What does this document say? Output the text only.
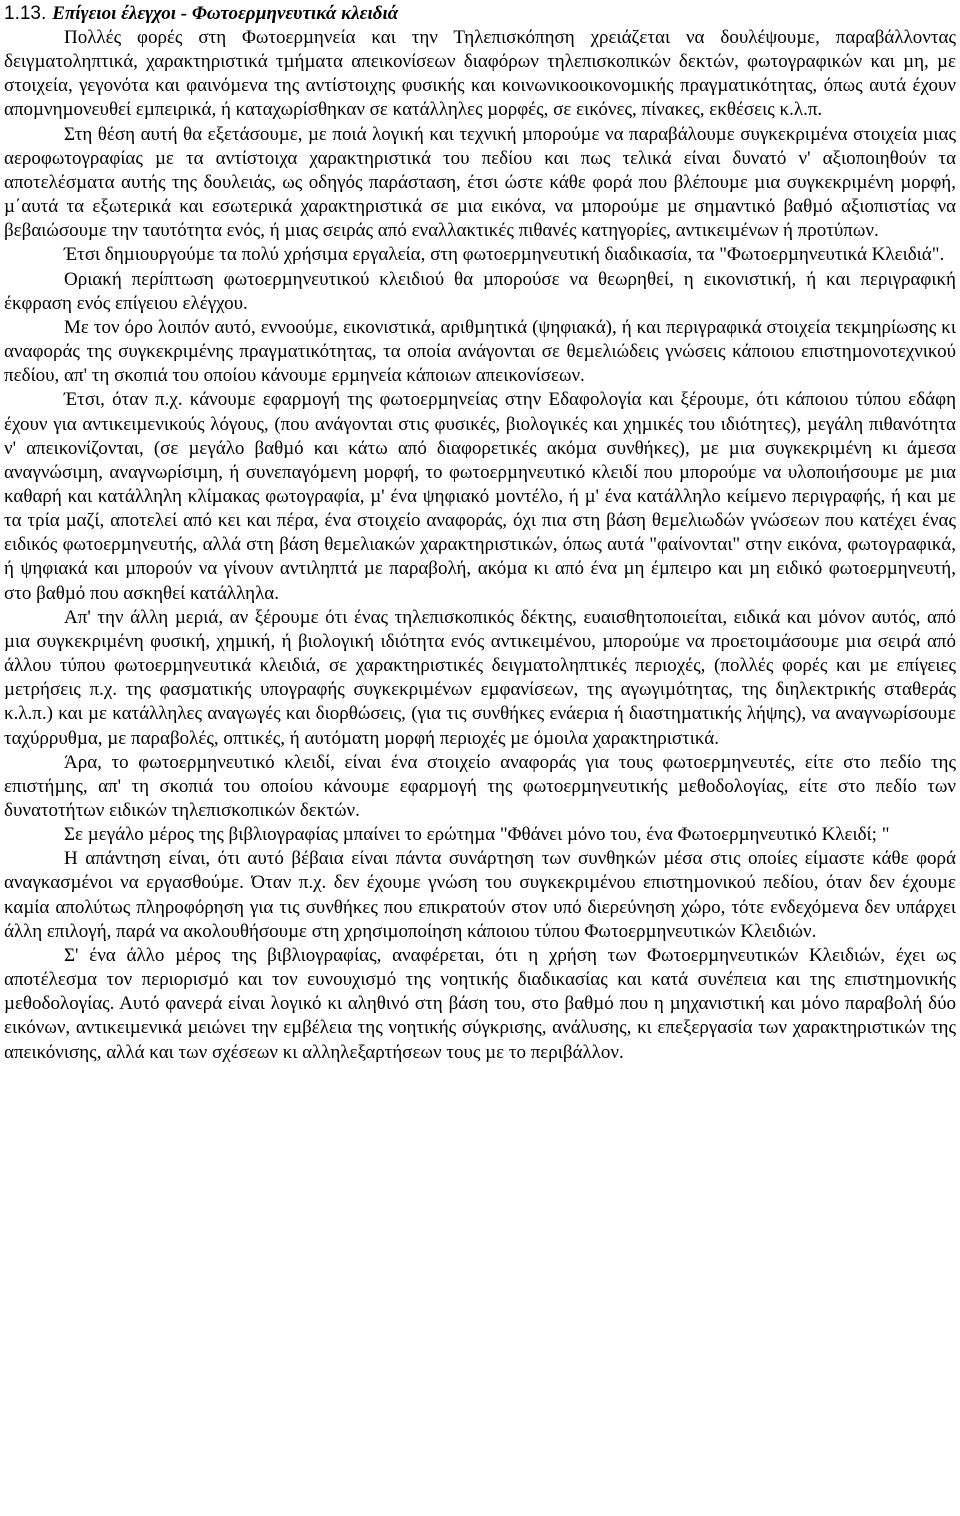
1.13. Επίγειοι έλεγχοι - Φωτοερµηνευτικά κλειδιά

Πολλές φορές στη Φωτοερµηνεία και την Τηλεπισκόπηση χρειάζεται να δουλέψουµε, παραβάλλοντας δειγµατοληπτικά, χαρακτηριστικά τµήµατα απεικονίσεων διαφόρων τηλεπισκοπικών δεκτών, φωτογραφικών και µη, µε στοιχεία, γεγονότα και φαινόµενα της αντίστοιχης φυσικής και κοινωνικοοικονοµικής πραγµατικότητας, όπως αυτά έχουν αποµνηµονευθεί εµπειρικά, ή καταχωρίσθηκαν σε κατάλληλες µορφές, σε εικόνες, πίνακες, εκθέσεις κ.λ.π.

Στη θέση αυτή θα εξετάσουµε, µε ποιά λογική και τεχνική µπορούµε να παραβάλουµε συγκεκριµένα στοιχεία µιας αεροφωτογραφίας µε τα αντίστοιχα χαρακτηριστικά του πεδίου και πως τελικά είναι δυνατό ν' αξιοποιηθούν τα αποτελέσµατα αυτής της δουλειάς, ως οδηγός παράσταση, έτσι ώστε κάθε φορά που βλέπουµε µια συγκεκριµένη µορφή, µ΄αυτά τα εξωτερικά και εσωτερικά χαρακτηριστικά σε µια εικόνα, να µπορούµε µε σηµαντικό βαθµό αξιοπιστίας να βεβαιώσουµε την ταυτότητα ενός, ή µιας σειράς από εναλλακτικές πιθανές κατηγορίες, αντικειµένων ή προτύπων.

Έτσι δηµιουργούµε τα πολύ χρήσιµα εργαλεία, στη φωτοερµηνευτική διαδικασία, τα "Φωτοερµηνευτικά Κλειδιά".

Οριακή περίπτωση φωτοερµηνευτικού κλειδιού θα µπορούσε να θεωρηθεί, η εικονιστική, ή και περιγραφική έκφραση ενός επίγειου ελέγχου.

Με τον όρο λοιπόν αυτό, εννοούµε, εικονιστικά, αριθµητικά (ψηφιακά), ή και περιγραφικά στοιχεία τεκµηρίωσης κι αναφοράς της συγκεκριµένης πραγµατικότητας, τα οποία ανάγονται σε θεµελιώδεις γνώσεις κάποιου επιστηµονοτεχνικού πεδίου, απ' τη σκοπιά του οποίου κάνουµε ερµηνεία κάποιων απεικονίσεων.

Έτσι, όταν π.χ. κάνουµε εφαρµογή της φωτοερµηνείας στην Εδαφολογία και ξέρουµε, ότι κάποιου τύπου εδάφη έχουν για αντικειµενικούς λόγους, (που ανάγονται στις φυσικές, βιολογικές και χηµικές του ιδιότητες), µεγάλη πιθανότητα ν' απεικονίζονται, (σε µεγάλο βαθµό και κάτω από διαφορετικές ακόµα συνθήκες), µε µια συγκεκριµένη κι άµεσα αναγνώσιµη, αναγνωρίσιµη, ή συνεπαγόµενη µορφή, το φωτοερµηνευτικό κλειδί που µπορούµε να υλοποιήσουµε µε µια καθαρή και κατάλληλη κλίµακας φωτογραφία, µ' ένα ψηφιακό µοντέλο, ή µ' ένα κατάλληλο κείµενο περιγραφής, ή και µε τα τρία µαζί, αποτελεί από κει και πέρα, ένα στοιχείο αναφοράς, όχι πια στη βάση θεµελιωδών γνώσεων που κατέχει ένας ειδικός φωτοερµηνευτής, αλλά στη βάση θεµελιακών χαρακτηριστικών, όπως αυτά "φαίνονται" στην εικόνα, φωτογραφικά, ή ψηφιακά και µπορούν να γίνουν αντιληπτά µε παραβολή, ακόµα κι από ένα µη έµπειρο και µη ειδικό φωτοερµηνευτή, στο βαθµό που ασκηθεί κατάλληλα.

Απ' την άλλη µεριά, αν ξέρουµε ότι ένας τηλεπισκοπικός δέκτης, ευαισθητοποιείται, ειδικά και µόνον αυτός, από µια συγκεκριµένη φυσική, χηµική, ή βιολογική ιδιότητα ενός αντικειµένου, µπορούµε να προετοιµάσουµε µια σειρά από άλλου τύπου φωτοερµηνευτικά κλειδιά, σε χαρακτηριστικές δειγµατοληπτικές περιοχές, (πολλές φορές και µε επίγειες µετρήσεις π.χ. της φασµατικής υπογραφής συγκεκριµένων εµφανίσεων, της αγωγιµότητας, της διηλεκτρικής σταθεράς κ.λ.π.) και µε κατάλληλες αναγωγές και διορθώσεις, (για τις συνθήκες ενάερια ή διαστηµατικής λήψης), να αναγνωρίσουµε ταχύρρυθµα, µε παραβολές, οπτικές, ή αυτόµατη µορφή περιοχές µε όµοιλα χαρακτηριστικά.

Άρα, το φωτοερµηνευτικό κλειδί, είναι ένα στοιχείο αναφοράς για τους φωτοερµηνευτές, είτε στο πεδίο της επιστήµης, απ' τη σκοπιά του οποίου κάνουµε εφαρµογή της φωτοερµηνευτικής µεθοδολογίας, είτε στο πεδίο των δυνατοτήτων ειδικών τηλεπισκοπικών δεκτών.

Σε µεγάλο µέρος της βιβλιογραφίας µπαίνει το ερώτηµα "Φθάνει µόνο του, ένα Φωτοερµηνευτικό Κλειδί; "

Η απάντηση είναι, ότι αυτό βέβαια είναι πάντα συνάρτηση των συνθηκών µέσα στις οποίες είµαστε κάθε φορά αναγκασµένοι να εργασθούµε. Όταν π.χ. δεν έχουµε γνώση του συγκεκριµένου επιστηµονικού πεδίου, όταν δεν έχουµε καµία απολύτως πληροφόρηση για τις συνθήκες που επικρατούν στον υπό διερεύνηση χώρο, τότε ενδεχόµενα δεν υπάρχει άλλη επιλογή, παρά να ακολουθήσουµε στη χρησιµοποίηση κάποιου τύπου Φωτοερµηνευτικών Κλειδιών.

Σ' ένα άλλο µέρος της βιβλιογραφίας, αναφέρεται, ότι η χρήση των Φωτοερµηνευτικών Κλειδιών, έχει ως αποτέλεσµα τον περιορισµό και τον ευνουχισµό της νοητικής διαδικασίας και κατά συνέπεια και της επιστηµονικής µεθοδολογίας. Αυτό φανερά είναι λογικό κι αληθινό στη βάση του, στο βαθµό που η µηχανιστική και µόνο παραβολή δύο εικόνων, αντικειµενικά µειώνει την εµβέλεια της νοητικής σύγκρισης, ανάλυσης, κι επεξεργασία των χαρακτηριστικών της απεικόνισης, αλλά και των σχέσεων κι αλληλεξαρτήσεων τους µε το περιβάλλον.
